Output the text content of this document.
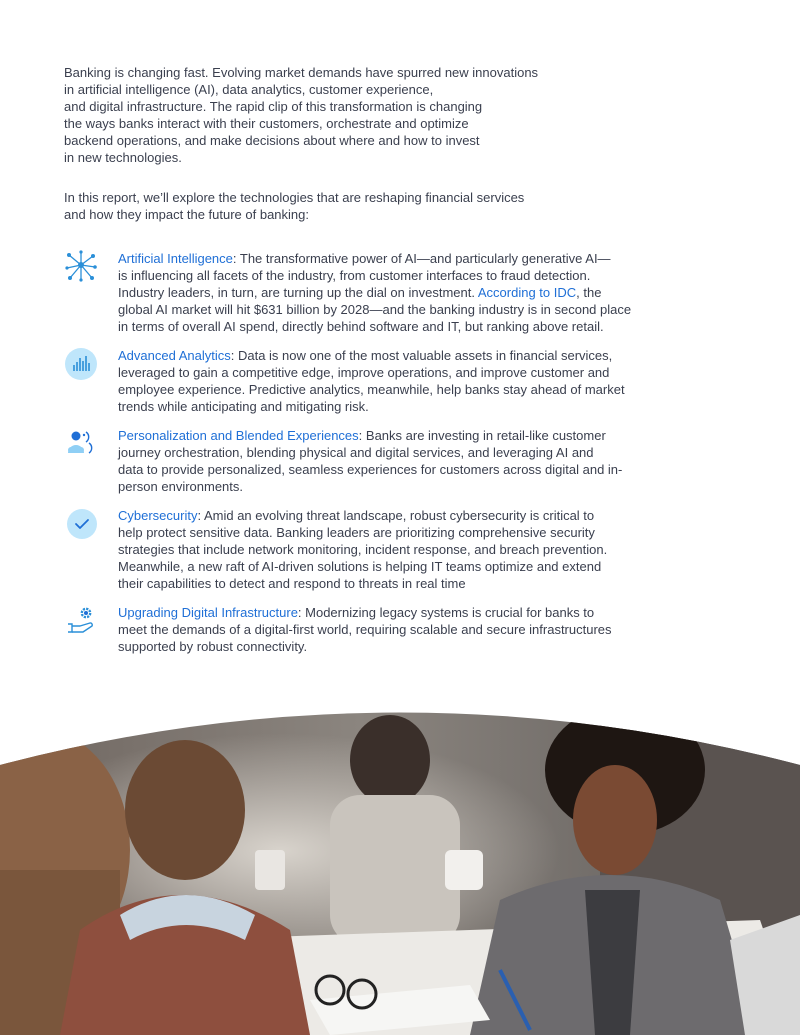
Banking is changing fast. Evolving market demands have spurred new innovations
in artificial intelligence (AI), data analytics, customer experience,
and digital infrastructure. The rapid clip of this transformation is changing
the ways banks interact with their customers, orchestrate and optimize
backend operations, and make decisions about where and how to invest
in new technologies.

In this report, we’ll explore the technologies that are reshaping financial services
and how they impact the future of banking:

Artificial Intelligence: The transformative power of AI—and particularly generative AI—
is influencing all facets of the industry, from customer interfaces to fraud detection.
Industry leaders, in turn, are turning up the dial on investment. According to IDC, the
global AI market will hit $631 billion by 2028—and the banking industry is in second place
in terms of overall AI spend, directly behind software and IT, but ranking above retail.

Advanced Analytics: Data is now one of the most valuable assets in financial services,
leveraged to gain a competitive edge, improve operations, and improve customer and
employee experience. Predictive analytics, meanwhile, help banks stay ahead of market
trends while anticipating and mitigating risk.

Personalization and Blended Experiences: Banks are investing in retail-like customer
journey orchestration, blending physical and digital services, and leveraging AI and
data to provide personalized, seamless experiences for customers across digital and in-
person environments.

Cybersecurity: Amid an evolving threat landscape, robust cybersecurity is critical to
help protect sensitive data. Banking leaders are prioritizing comprehensive security
strategies that include network monitoring, incident response, and breach prevention.
Meanwhile, a new raft of AI-driven solutions is helping IT teams optimize and extend
their capabilities to detect and respond to threats in real time

Upgrading Digital Infrastructure: Modernizing legacy systems is crucial for banks to
meet the demands of a digital-first world, requiring scalable and secure infrastructures
supported by robust connectivity.
